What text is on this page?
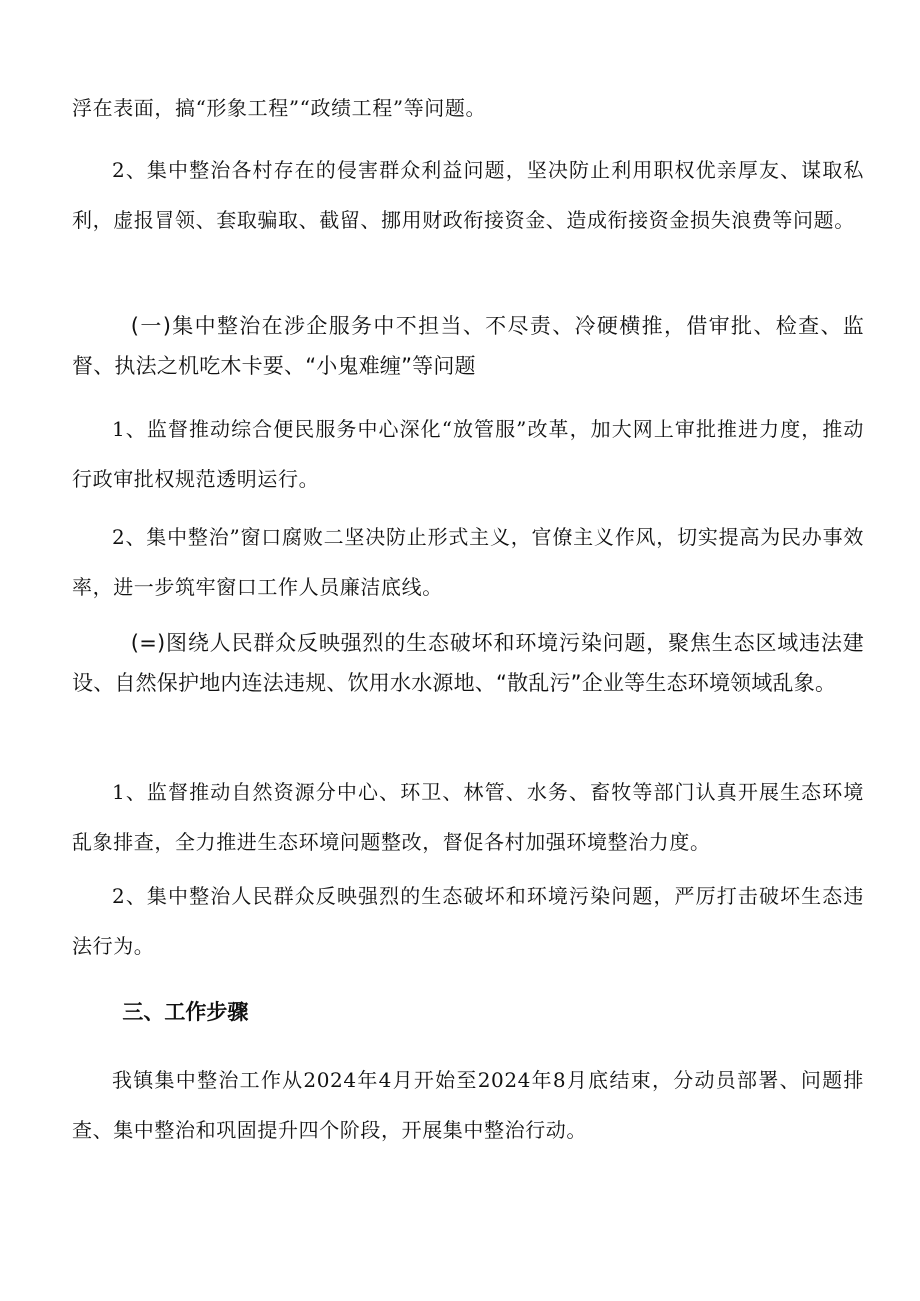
浮在表面，搞“形象工程”“政绩工程”等问题。

2、集中整治各村存在的侵害群众利益问题，坚决防止利用职权优亲厚友、谋取私利，虚报冒领、套取骗取、截留、挪用财政衔接资金、造成衔接资金损失浪费等问题。

(一)集中整治在涉企服务中不担当、不尽责、冷硬横推，借审批、检查、监督、执法之机吃木卡要、“小鬼难缠”等问题

1、监督推动综合便民服务中心深化“放管服”改革，加大网上审批推进力度，推动行政审批权规范透明运行。

2、集中整治”窗口腐败二坚决防止形式主义，官僚主义作风，切实提高为民办事效率，进一步筑牢窗口工作人员廉洁底线。

(=)图绕人民群众反映强烈的生态破坏和环境污染问题，聚焦生态区域违法建设、自然保护地内连法违规、饮用水水源地、“散乱污”企业等生态环境领域乱象。

1、监督推动自然资源分中心、环卫、林管、水务、畜牧等部门认真开展生态环境乱象排查，全力推进生态环境问题整改，督促各村加强环境整治力度。

2、集中整治人民群众反映强烈的生态破坏和环境污染问题，严厉打击破坏生态违法行为。

三、工作步骤

我镇集中整治工作从2024年4月开始至2024年8月底结束，分动员部署、问题排查、集中整治和巩固提升四个阶段，开展集中整治行动。
